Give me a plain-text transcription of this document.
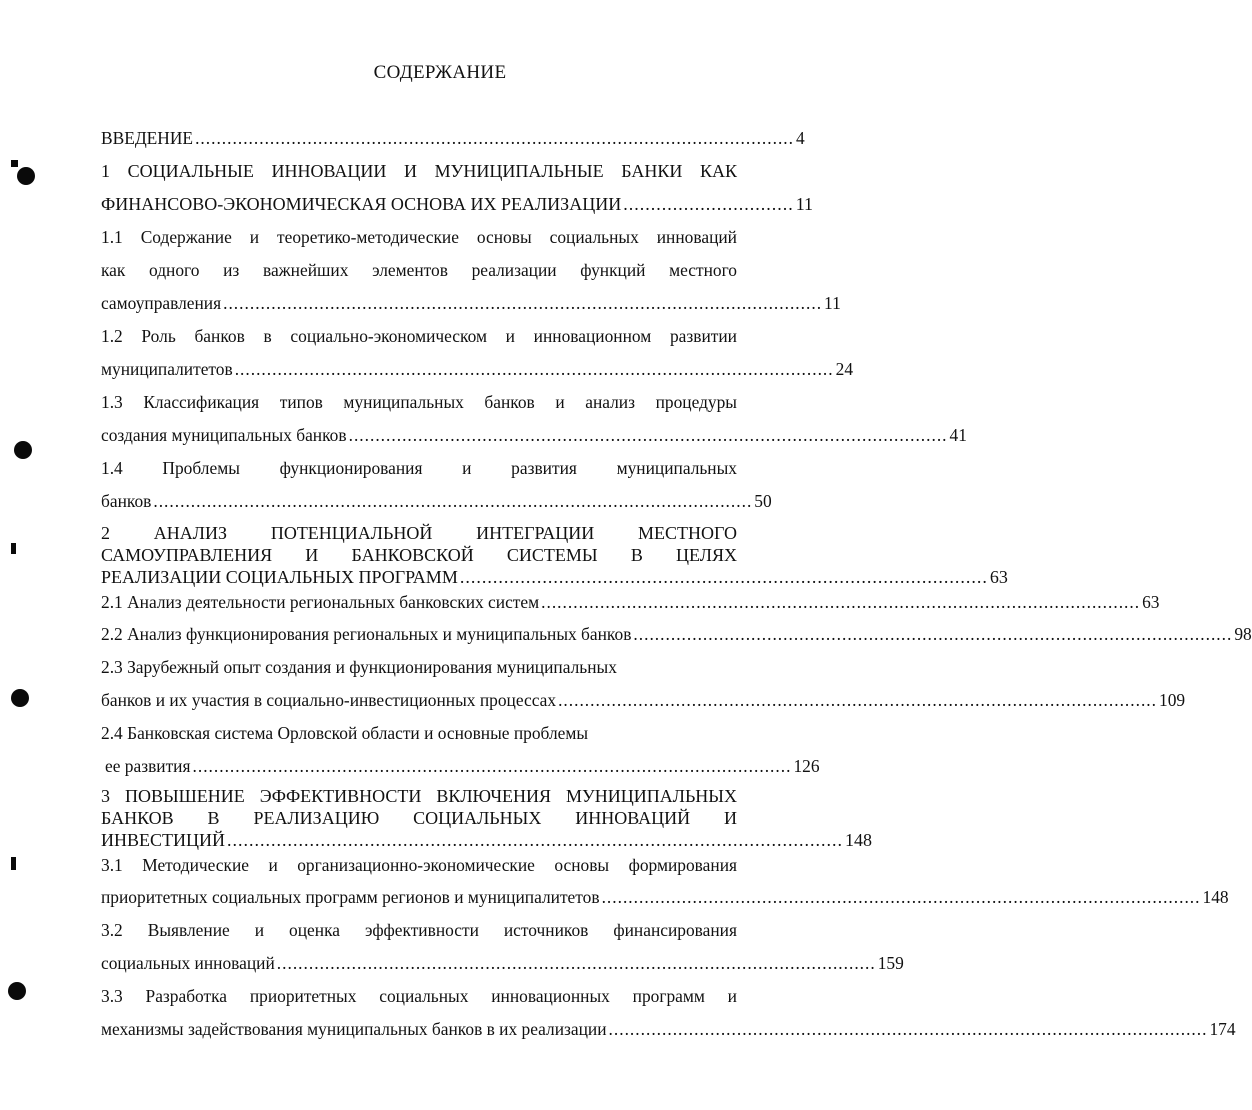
СОДЕРЖАНИЕ
ВВЕДЕНИЕ ................................................................................................................ 4
1 СОЦИАЛЬНЫЕ ИННОВАЦИИ И МУНИЦИПАЛЬНЫЕ БАНКИ КАК
ФИНАНСОВО-ЭКОНОМИЧЕСКАЯ ОСНОВА ИХ РЕАЛИЗАЦИИ ............................... 11
1.1 Содержание и теоретико-методические основы социальных инноваций
как одного из важнейших элементов реализации функций местного
самоуправления ................................................................................................................ 11
1.2 Роль банков в социально-экономическом и инновационном развитии
муниципалитетов ................................................................................................................ 24
1.3 Классификация типов муниципальных банков и анализ процедуры
создания муниципальных банков ................................................................................................................ 41
1.4 Проблемы функционирования и развития муниципальных
банков ................................................................................................................ 50
2 АНАЛИЗ ПОТЕНЦИАЛЬНОЙ ИНТЕГРАЦИИ МЕСТНОГО
САМОУПРАВЛЕНИЯ И БАНКОВСКОЙ СИСТЕМЫ В ЦЕЛЯХ
РЕАЛИЗАЦИИ СОЦИАЛЬНЫХ ПРОГРАММ ................................................................................................ 63
2.1 Анализ деятельности региональных банковских систем ................................................................................................................ 63
2.2 Анализ функционирования региональных и муниципальных банков ................................................................................................................ 98
2.3 Зарубежный опыт создания и функционирования муниципальных
банков и их участия в социально-инвестиционных процессах ................................................................................................................ 109
2.4 Банковская система Орловской области и основные проблемы
ее развития ................................................................................................................ 126
3 ПОВЫШЕНИЕ ЭФФЕКТИВНОСТИ ВКЛЮЧЕНИЯ МУНИЦИПАЛЬНЫХ
БАНКОВ В РЕАЛИЗАЦИЮ СОЦИАЛЬНЫХ ИННОВАЦИЙ И
ИНВЕСТИЦИЙ ................................................................................................................ 148
3.1 Методические и организационно-экономические основы формирования
приоритетных социальных программ регионов и муниципалитетов ................................................................................................................ 148
3.2 Выявление и оценка эффективности источников финансирования
социальных инноваций ................................................................................................................ 159
3.3 Разработка приоритетных социальных инновационных программ и
механизмы задействования муниципальных банков в их реализации ................................................................................................................ 174
